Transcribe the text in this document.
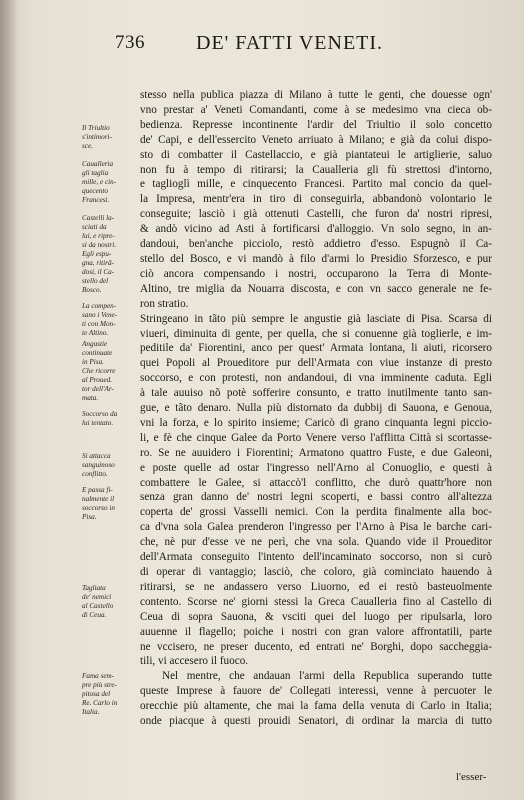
736	DE' FATTI VENETI.
Il Triultio
s'intimori-
sce.
Caualleria
gli taglia
mille, e cin-
quecento
Francesi.
Castelli la-
sciati da
lui, e ripre-
si da nostri.
Egli espu-
gna, ritirā-
dosi, il Ca-
stello del
Bosco.
La compen-
sano i Vene-
ti con Mon-
te Altino.
Angustie
continuate
in Pisa.
Che ricorre
al Proued.
tor dell'Ar-
mata.
Soccorso da
lui tentato.
Si attacca
sanguinoso
conflitto.
E passa fi-
nalmente il
soccorso in
Pisa.
Tagliata
de' nemici
al Castello
di Ceua.
Fama sem-
pre più stre-
pitosa del
Re. Carlo in
Italia.
stesso nella publica piazza di Milano à tutte le genti, che douesse ogn'
vno prestar a' Veneti Comandanti, come à se medesimo vna cieca ob-
bedienza. Represse incontinente l'ardir del Triultio il solo concetto
de' Capi, e dell'essercito Veneto arriuato à Milano; e già da colui dispo-
sto di combatter il Castellaccio, e già piantateui le artiglierie, saluo
non fu à tempo di ritirarsi; la Caualleria gli fù strettosi d'intorno,
e taglioglì mille, e cinquecento Francesi. Partito mal concio da quel-
la Impresa, mentr'era in tiro di conseguirla, abbandonò volontario le
conseguite; lasciò i già ottenuti Castelli, che furon da' nostri ripresi,
& andò vicino ad Asti à fortificarsi d'alloggio. Vn solo segno, in an-
dandoui, ben'anche picciolo, restò addietro d'esso. Espugnò il Ca-
stello del Bosco, e vi mandò à filo d'armi lo Presidio Sforzesco, e pur
ciò ancora compensando i nostri, occuparono la Terra di Monte-
Altino, tre miglia da Nouarra discosta, e con vn sacco generale ne fe-
ron stratio.
Stringeano in tãto più sempre le angustie già lasciate di Pisa. Scarsa di
viueri, diminuita di gente, per quella, che si conuenne già toglierle, e im-
peditile da' Fiorentini, anco per quest' Armata lontana, li aiuti, ricorsero
quei Popoli al Proueditore pur dell'Armata con viue instanze di presto
soccorso, e con protesti, non andandoui, di vna imminente caduta. Egli
à tale auuiso nõ potè sofferire consunto, e tratto inutilmente tanto san-
gue, e tãto denaro. Nulla più distornato da dubbij di Sauona, e Genoua,
vni la forza, e lo spirito insieme; Caricò di grano cinquanta legni piccio-
li, e fè che cinque Galee da Porto Venere verso l'afflitta Città si scortasse-
ro. Se ne auuidero i Fiorentini; Armatono quattro Fuste, e due Galeoni,
e poste quelle ad ostar l'ingresso nell'Arno al Conuoglio, e questi à
combattere le Galee, si attaccò'l conflitto, che durò quattr'hore non
senza gran danno de' nostri legni scoperti, e bassi contro all'altezza
coperta de' grossi Vasselli nemici. Con la perdita finalmente alla boc-
ca d'vna sola Galea prenderon l'ingresso per l'Arno à Pisa le barche cari-
che, nè pur d'esse ve ne perì, che vna sola. Quando vide il Proueditor
dell'Armata conseguito l'intento dell'incaminato soccorso, non si curò
di operar di vantaggio; lasciò, che coloro, già cominciato hauendo à
ritirarsi, se ne andassero verso Liuorno, ed ei restò basteuolmente
contento. Scorse ne' giorni stessi la Greca Caualleria fino al Castello di
Ceua di sopra Sauona, & vsciti quei del luogo per ripulsarla, loro
auuenne il flagello; poiche i nostri con gran valore affrontatili, parte
ne vccisero, ne preser ducento, ed entrati ne' Borghi, dopo saccheggia-
tili, vi accesero il fuoco.
Nel mentre, che andauan l'armi della Republica superando tutte
queste Imprese à fauore de' Collegati interessi, venne à percuoter le
orecchie più altamente, che mai la fama della venuta di Carlo in Italia;
onde piacque à questi prouidi Senatori, di ordinar la marcia di tutto
l'esser-
